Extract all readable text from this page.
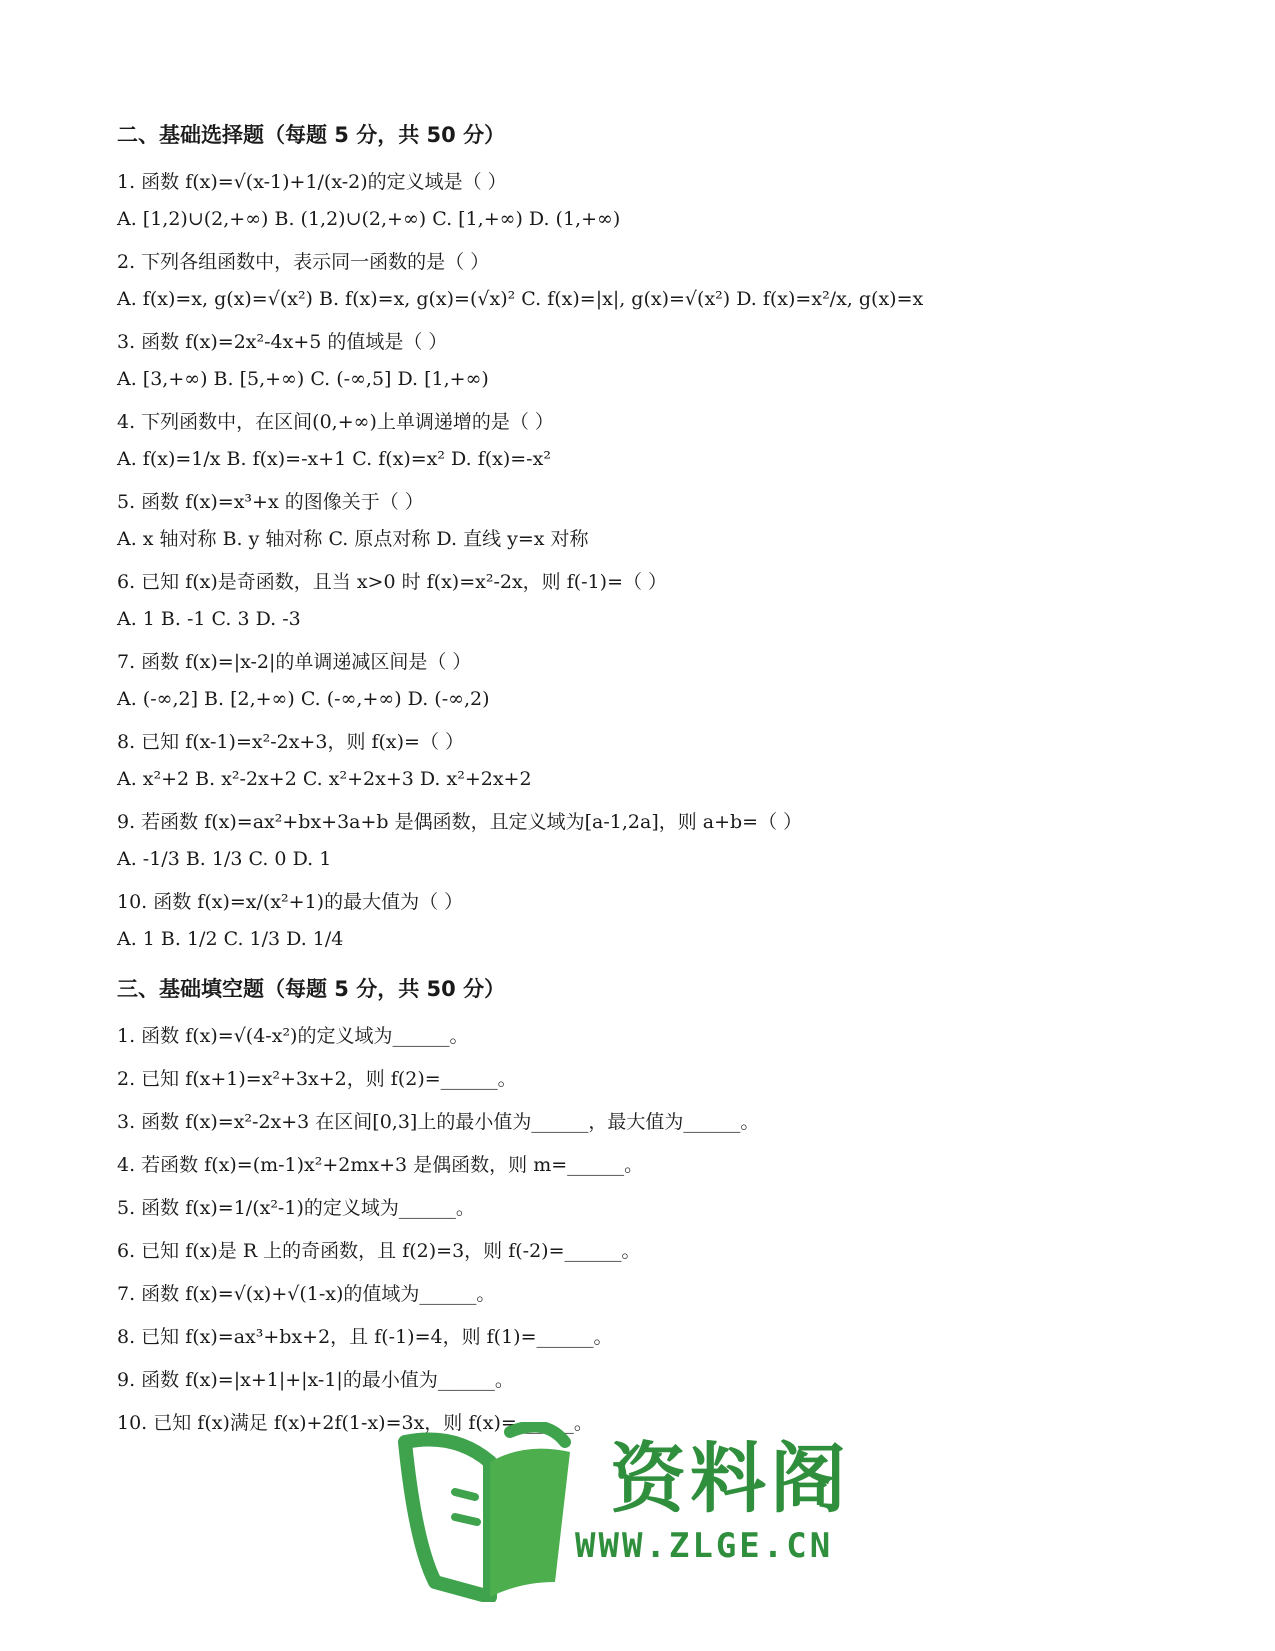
二、基础选择题（每题 5 分，共 50 分）
1. 函数 f(x)=√(x-1)+1/(x-2)的定义域是（ ）
A. [1,2)∪(2,+∞) B. (1,2)∪(2,+∞) C. [1,+∞) D. (1,+∞)
2. 下列各组函数中，表示同一函数的是（ ）
A. f(x)=x, g(x)=√(x²) B. f(x)=x, g(x)=(√x)² C. f(x)=|x|, g(x)=√(x²) D. f(x)=x²/x, g(x)=x
3. 函数 f(x)=2x²-4x+5 的值域是（ ）
A. [3,+∞) B. [5,+∞) C. (-∞,5] D. [1,+∞)
4. 下列函数中，在区间(0,+∞)上单调递增的是（ ）
A. f(x)=1/x B. f(x)=-x+1 C. f(x)=x² D. f(x)=-x²
5. 函数 f(x)=x³+x 的图像关于（ ）
A. x 轴对称 B. y 轴对称 C. 原点对称 D. 直线 y=x 对称
6. 已知 f(x)是奇函数，且当 x>0 时 f(x)=x²-2x，则 f(-1)=（ ）
A. 1 B. -1 C. 3 D. -3
7. 函数 f(x)=|x-2|的单调递减区间是（ ）
A. (-∞,2] B. [2,+∞) C. (-∞,+∞) D. (-∞,2)
8. 已知 f(x-1)=x²-2x+3，则 f(x)=（ ）
A. x²+2 B. x²-2x+2 C. x²+2x+3 D. x²+2x+2
9. 若函数 f(x)=ax²+bx+3a+b 是偶函数，且定义域为[a-1,2a]，则 a+b=（ ）
A. -1/3 B. 1/3 C. 0 D. 1
10. 函数 f(x)=x/(x²+1)的最大值为（ ）
A. 1 B. 1/2 C. 1/3 D. 1/4
三、基础填空题（每题 5 分，共 50 分）
1. 函数 f(x)=√(4-x²)的定义域为______。
2. 已知 f(x+1)=x²+3x+2，则 f(2)=______。
3. 函数 f(x)=x²-2x+3 在区间[0,3]上的最小值为______，最大值为______。
4. 若函数 f(x)=(m-1)x²+2mx+3 是偶函数，则 m=______。
5. 函数 f(x)=1/(x²-1)的定义域为______。
6. 已知 f(x)是 R 上的奇函数，且 f(2)=3，则 f(-2)=______。
7. 函数 f(x)=√(x)+√(1-x)的值域为______。
8. 已知 f(x)=ax³+bx+2，且 f(-1)=4，则 f(1)=______。
9. 函数 f(x)=|x+1|+|x-1|的最小值为______。
10. 已知 f(x)满足 f(x)+2f(1-x)=3x，则 f(x)=______。
资料阁
WWW.ZLGE.CN
